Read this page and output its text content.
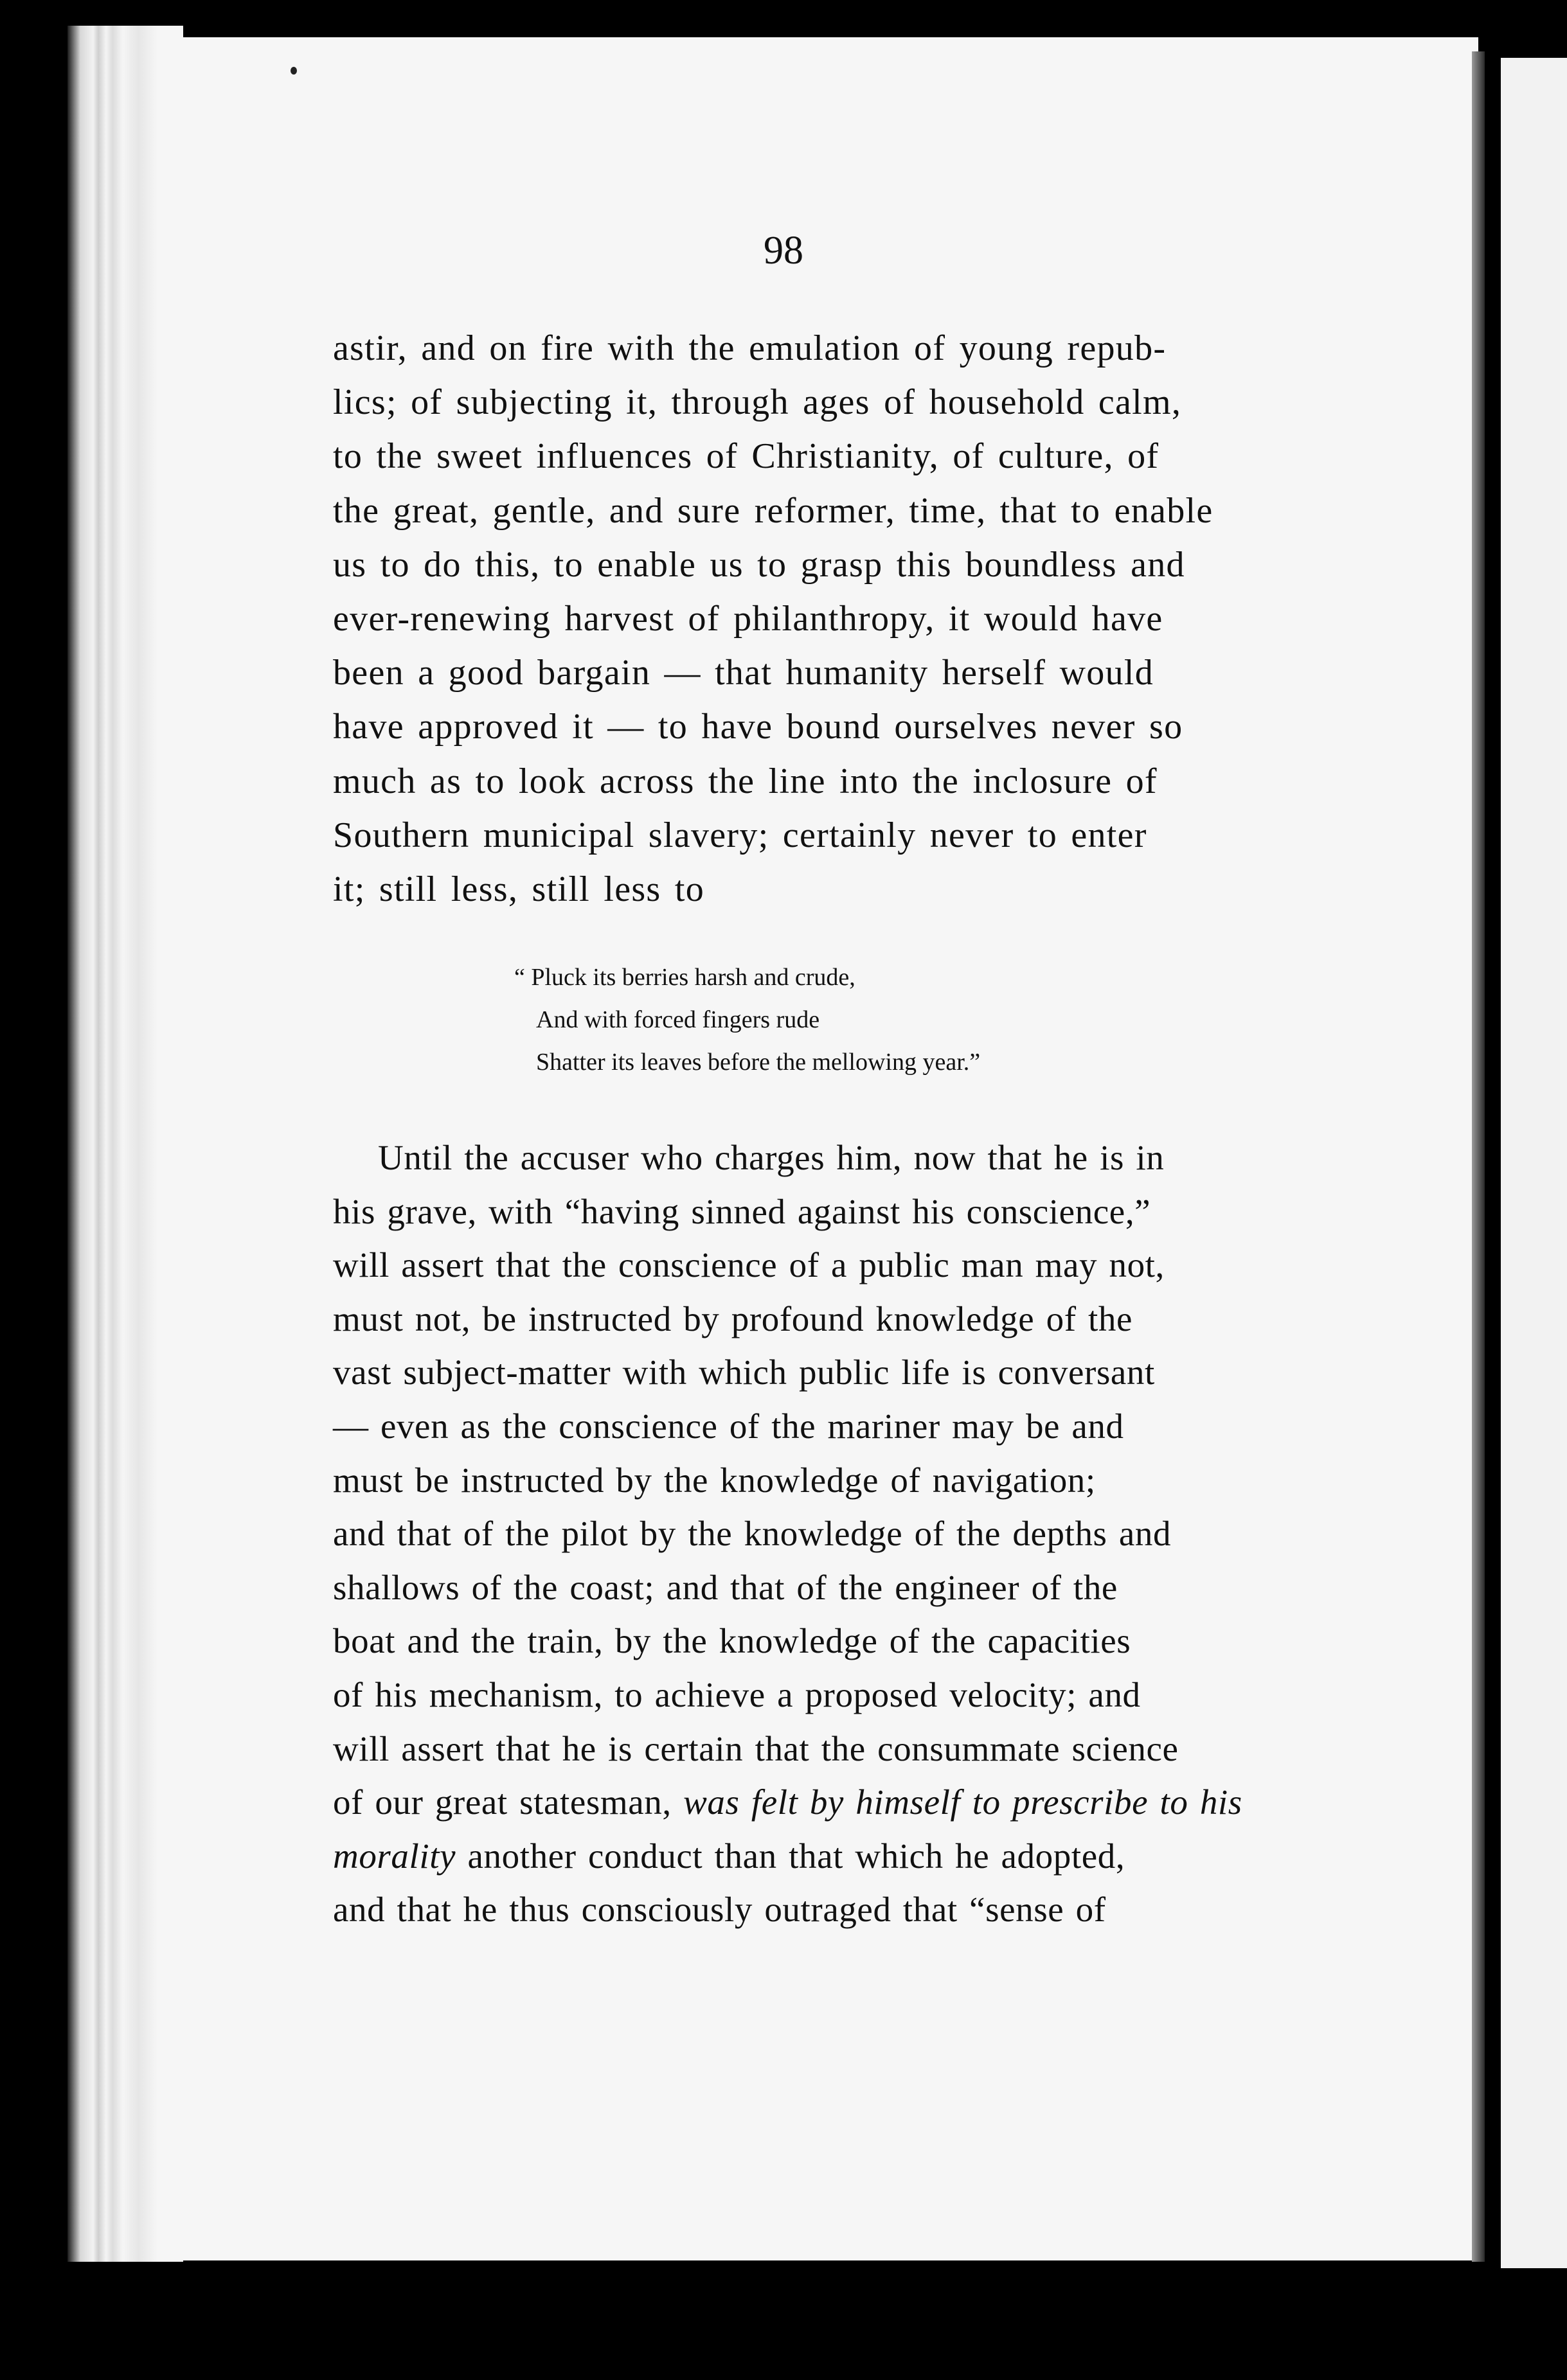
98

astir, and on fire with the emulation of young repub-
lics; of subjecting it, through ages of household calm,
to the sweet influences of Christianity, of culture, of
the great, gentle, and sure reformer, time, that to enable
us to do this, to enable us to grasp this boundless and
ever-renewing harvest of philanthropy, it would have
been a good bargain — that humanity herself would
have approved it — to have bound ourselves never so
much as to look across the line into the inclosure of
Southern municipal slavery; certainly never to enter
it; still less, still less to

“ Pluck its berries harsh and crude,
And with forced fingers rude
Shatter its leaves before the mellowing year.”

Until the accuser who charges him, now that he is in
his grave, with “having sinned against his conscience,”
will assert that the conscience of a public man may not,
must not, be instructed by profound knowledge of the
vast subject-matter with which public life is conversant
— even as the conscience of the mariner may be and
must be instructed by the knowledge of navigation;
and that of the pilot by the knowledge of the depths and
shallows of the coast; and that of the engineer of the
boat and the train, by the knowledge of the capacities
of his mechanism, to achieve a proposed velocity; and
will assert that he is certain that the consummate science
of our great statesman, was felt by himself to prescribe to his
morality another conduct than that which he adopted,
and that he thus consciously outraged that “sense of
